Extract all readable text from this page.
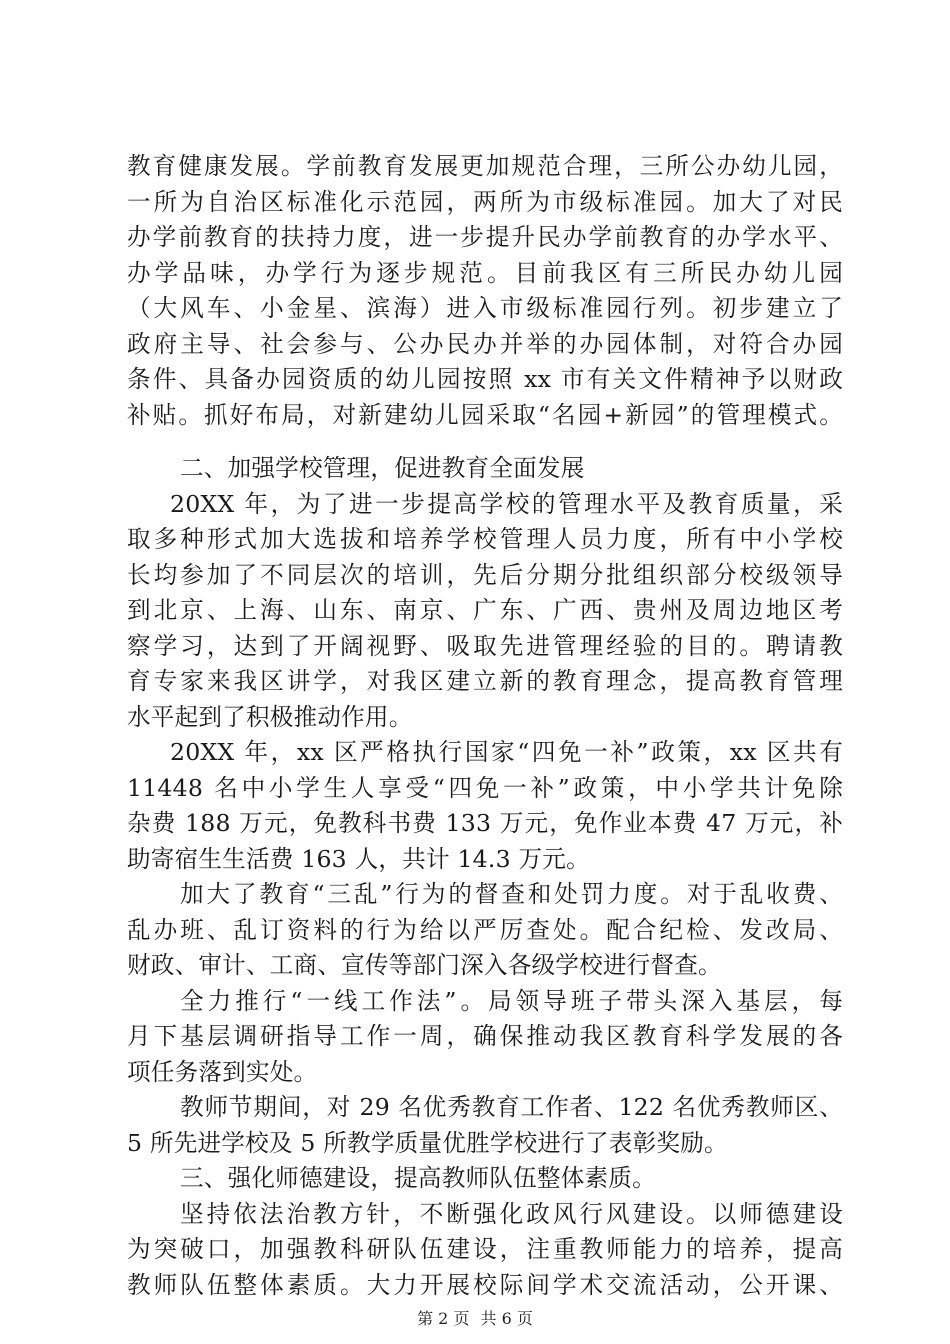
教育健康发展。学前教育发展更加规范合理，三所公办幼儿园，
一所为自治区标准化示范园，两所为市级标准园。加大了对民
办学前教育的扶持力度，进一步提升民办学前教育的办学水平、
办学品味，办学行为逐步规范。目前我区有三所民办幼儿园
（大风车、小金星、滨海）进入市级标准园行列。初步建立了
政府主导、社会参与、公办民办并举的办园体制，对符合办园
条件、具备办园资质的幼儿园按照 xx 市有关文件精神予以财政
补贴。抓好布局，对新建幼儿园采取“名园+新园”的管理模式。
二、加强学校管理，促进教育全面发展
20XX 年，为了进一步提高学校的管理水平及教育质量，采
取多种形式加大选拔和培养学校管理人员力度，所有中小学校
长均参加了不同层次的培训，先后分期分批组织部分校级领导
到北京、上海、山东、南京、广东、广西、贵州及周边地区考
察学习，达到了开阔视野、吸取先进管理经验的目的。聘请教
育专家来我区讲学，对我区建立新的教育理念，提高教育管理
水平起到了积极推动作用。
20XX 年，xx 区严格执行国家“四免一补”政策，xx 区共有
11448 名中小学生人享受“四免一补”政策，中小学共计免除
杂费 188 万元，免教科书费 133 万元，免作业本费 47 万元，补
助寄宿生生活费 163 人，共计 14.3 万元。
加大了教育“三乱”行为的督查和处罚力度。对于乱收费、
乱办班、乱订资料的行为给以严厉查处。配合纪检、发改局、
财政、审计、工商、宣传等部门深入各级学校进行督查。
全力推行“一线工作法”。局领导班子带头深入基层，每
月下基层调研指导工作一周，确保推动我区教育科学发展的各
项任务落到实处。
教师节期间，对 29 名优秀教育工作者、122 名优秀教师区、
5 所先进学校及 5 所教学质量优胜学校进行了表彰奖励。
三、强化师德建设，提高教师队伍整体素质。
坚持依法治教方针，不断强化政风行风建设。以师德建设
为突破口，加强教科研队伍建设，注重教师能力的培养，提高
教师队伍整体素质。大力开展校际间学术交流活动，公开课、
第 2 页 共 6 页
